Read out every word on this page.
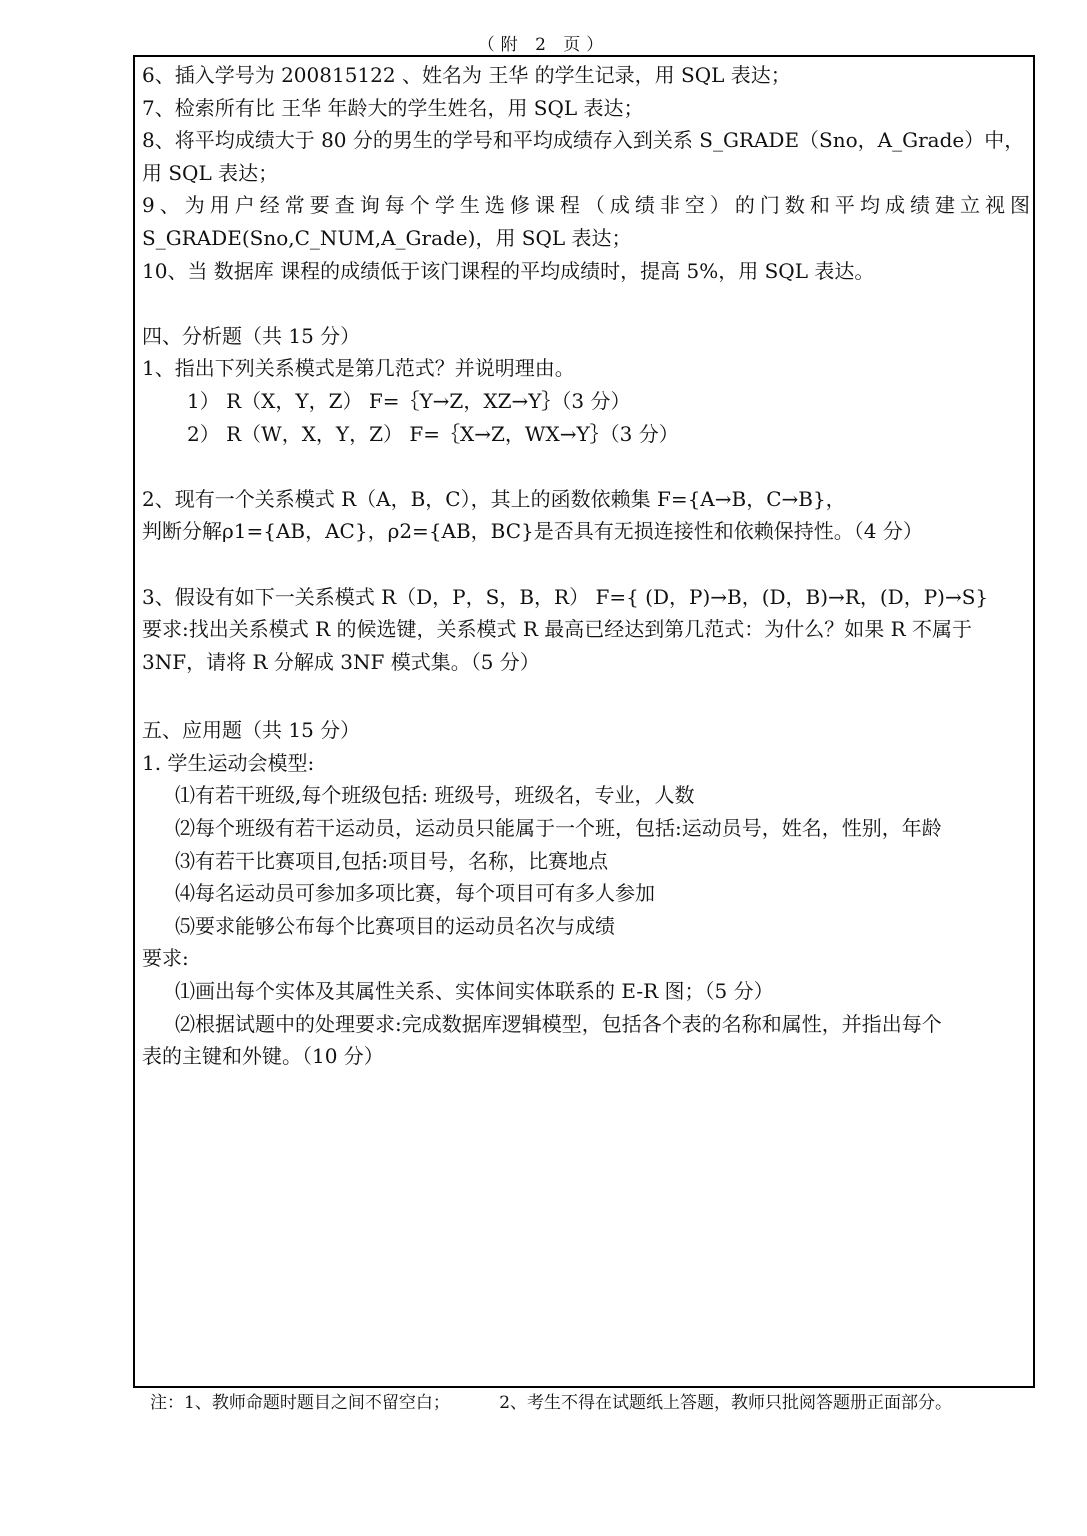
（附 2 页）
6、插入学号为 200815122 、姓名为 王华 的学生记录，用 SQL 表达；
7、检索所有比 王华 年龄大的学生姓名，用 SQL 表达；
8、将平均成绩大于 80 分的男生的学号和平均成绩存入到关系 S_GRADE（Sno，A_Grade）中，
用 SQL 表达；
9、为用户经常要查询每个学生选修课程（成绩非空）的门数和平均成绩建立视图
S_GRADE(Sno,C_NUM,A_Grade)，用 SQL 表达；
10、当 数据库 课程的成绩低于该门课程的平均成绩时，提高 5%，用 SQL 表达。
四、分析题（共 15 分）
1、指出下列关系模式是第几范式？并说明理由。
1） R（X，Y，Z） F=｛Y→Z，XZ→Y｝（3 分）
2） R（W，X，Y，Z） F=｛X→Z，WX→Y｝（3 分）
2、现有一个关系模式 R（A，B，C），其上的函数依赖集 F={A→B，C→B}，
判断分解ρ1={AB，AC}，ρ2={AB，BC}是否具有无损连接性和依赖保持性。（4 分）
3、假设有如下一关系模式 R（D，P，S，B，R） F={ (D，P)→B，(D，B)→R，(D，P)→S}
要求:找出关系模式 R 的候选键，关系模式 R 最高已经达到第几范式：为什么？如果 R 不属于
3NF，请将 R 分解成 3NF 模式集。（5 分）
五、应用题（共 15 分）
1. 学生运动会模型:
⑴有若干班级,每个班级包括: 班级号，班级名，专业，人数
⑵每个班级有若干运动员，运动员只能属于一个班，包括:运动员号，姓名，性别，年龄
⑶有若干比赛项目,包括:项目号，名称，比赛地点
⑷每名运动员可参加多项比赛，每个项目可有多人参加
⑸要求能够公布每个比赛项目的运动员名次与成绩
要求:
⑴画出每个实体及其属性关系、实体间实体联系的 E-R 图；（5 分）
⑵根据试题中的处理要求:完成数据库逻辑模型，包括各个表的名称和属性，并指出每个
表的主键和外键。（10 分）
注：1、教师命题时题目之间不留空白；	2、考生不得在试题纸上答题，教师只批阅答题册正面部分。
